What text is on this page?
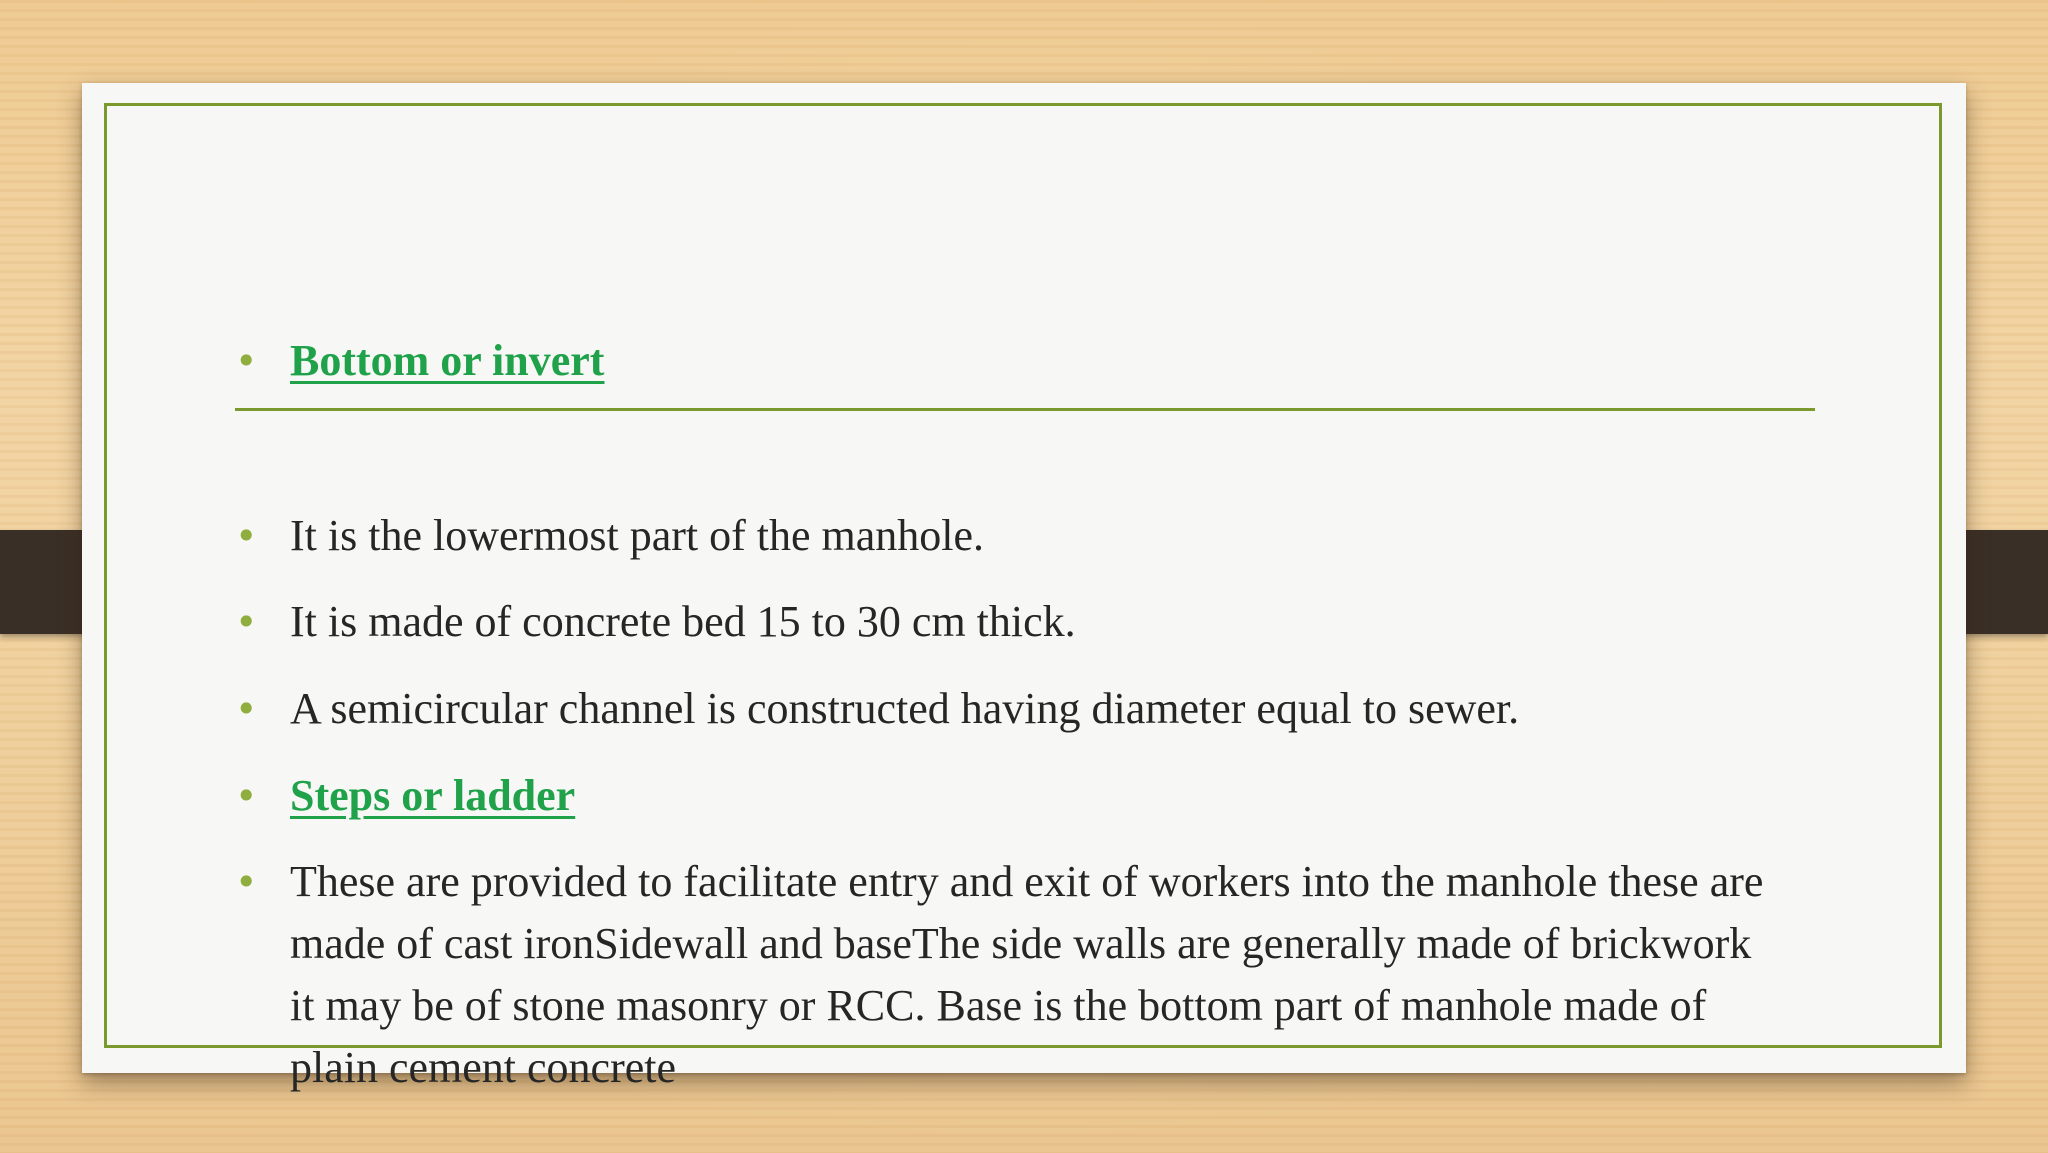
• Bottom or invert
• It is the lowermost part of the manhole.
• It is made of concrete bed 15 to 30 cm thick.
• A semicircular channel is constructed having diameter equal to sewer.
• Steps or ladder
• These are provided to facilitate entry and exit of workers into the manhole these are made of cast ironSidewall and baseThe side walls are generally made of brickwork it may be of stone masonry or RCC. Base is the bottom part of manhole made of plain cement concrete
